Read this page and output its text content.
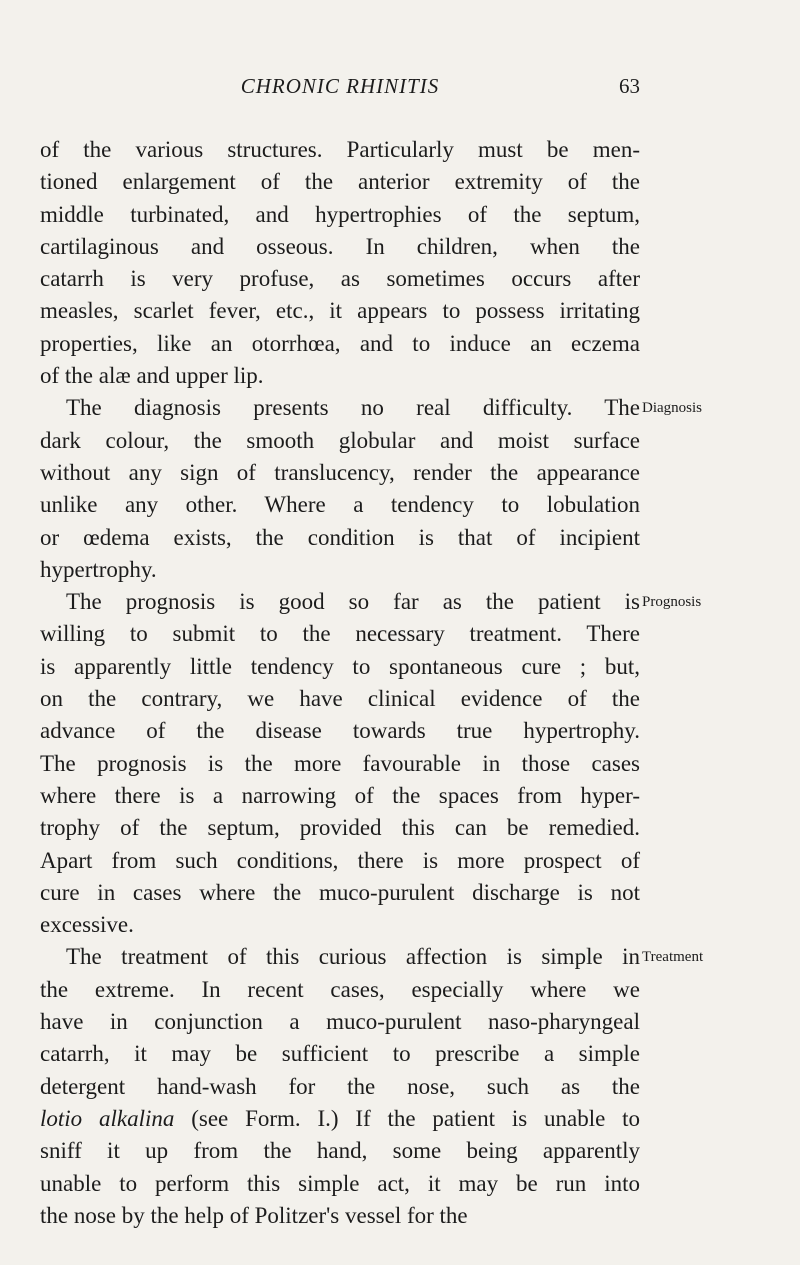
CHRONIC RHINITIS	63
of the various structures. Particularly must be men-
tioned enlargement of the anterior extremity of the
middle turbinated, and hypertrophies of the septum,
cartilaginous and osseous. In children, when the
catarrh is very profuse, as sometimes occurs after
measles, scarlet fever, etc., it appears to possess irritating
properties, like an otorrhœa, and to induce an eczema
of the alæ and upper lip.
The diagnosis presents no real difficulty. The Diagnosis
dark colour, the smooth globular and moist surface
without any sign of translucency, render the appearance
unlike any other. Where a tendency to lobulation
or œdema exists, the condition is that of incipient
hypertrophy.
The prognosis is good so far as the patient is Prognosis
willing to submit to the necessary treatment. There
is apparently little tendency to spontaneous cure ; but,
on the contrary, we have clinical evidence of the
advance of the disease towards true hypertrophy.
The prognosis is the more favourable in those cases
where there is a narrowing of the spaces from hyper-
trophy of the septum, provided this can be remedied.
Apart from such conditions, there is more prospect of
cure in cases where the muco-purulent discharge is not
excessive.
The treatment of this curious affection is simple in Treatment
the extreme. In recent cases, especially where we
have in conjunction a muco-purulent naso-pharyngeal
catarrh, it may be sufficient to prescribe a simple
detergent hand-wash for the nose, such as the
lotio alkalina (see Form. I.) If the patient is unable to
sniff it up from the hand, some being apparently
unable to perform this simple act, it may be run into
the nose by the help of Politzer's vessel for the
